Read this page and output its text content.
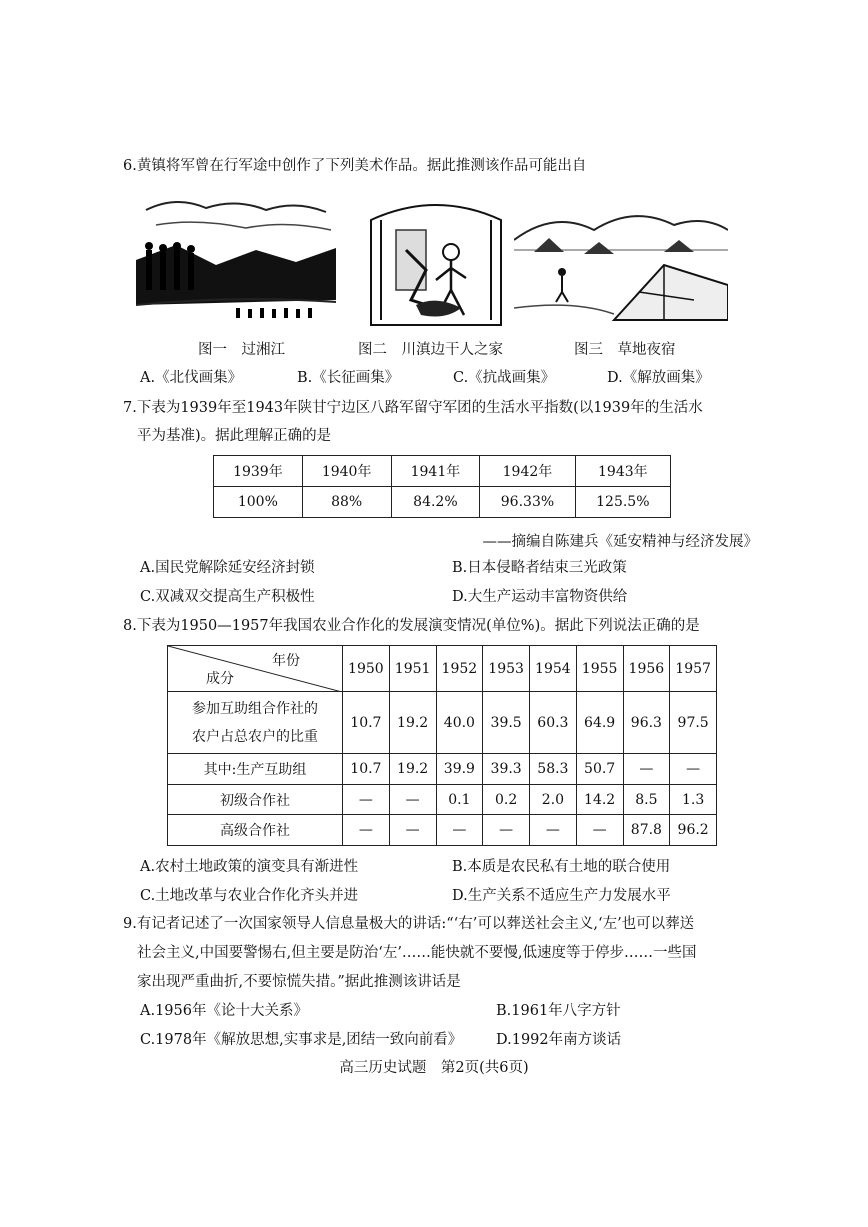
6.黄镇将军曾在行军途中创作了下列美术作品。据此推测该作品可能出自
图一　过湘江	图二　川滇边干人之家	图三　草地夜宿
A.《北伐画集》	B.《长征画集》	C.《抗战画集》	D.《解放画集》
7.下表为1939年至1943年陕甘宁边区八路军留守军团的生活水平指数(以1939年的生活水
平为基准)。据此理解正确的是
1939年	1940年	1941年	1942年	1943年
100%	88%	84.2%	96.33%	125.5%
——摘编自陈建兵《延安精神与经济发展》
A.国民党解除延安经济封锁	B.日本侵略者结束三光政策
C.双减双交提高生产积极性	D.大生产运动丰富物资供给
8.下表为1950—1957年我国农业合作化的发展演变情况(单位%)。据此下列说法正确的是
年份
成分	1950	1951	1952	1953	1954	1955	1956	1957

参加互助组合作社的
农户占总农户的比重	10.7	19.2	40.0	39.5	60.3	64.9	96.3	97.5
其中:生产互助组	10.7	19.2	39.9	39.3	58.3	50.7	—	—
初级合作社	—	—	0.1	0.2	2.0	14.2	8.5	1.3
高级合作社	—	—	—	—	—	—	87.8	96.2
A.农村土地政策的演变具有渐进性	B.本质是农民私有土地的联合使用
C.土地改革与农业合作化齐头并进	D.生产关系不适应生产力发展水平
9.有记者记述了一次国家领导人信息量极大的讲话:“‘右’可以葬送社会主义,‘左’也可以葬送
社会主义,中国要警惕右,但主要是防治‘左’……能快就不要慢,低速度等于停步……一些国
家出现严重曲折,不要惊慌失措。”据此推测该讲话是
A.1956年《论十大关系》	B.1961年八字方针
C.1978年《解放思想,实事求是,团结一致向前看》 D.1992年南方谈话
高三历史试题　第2页(共6页)
